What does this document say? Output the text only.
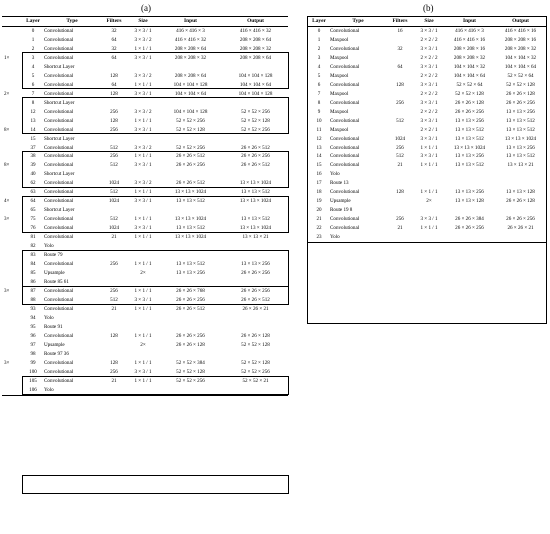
(a)	(b)
	Layer	Type	Filters	Size	Input	Output
	0	Convolutional	32	3 × 3 / 1	416 × 416 × 3	416 × 416 × 32
	1	Convolutional	64	3 × 3 / 2	416 × 416 × 32	208 × 208 × 64
	2	Convolutional	32	1 × 1 / 1	208 × 208 × 64	208 × 208 × 32
1×	3	Convolutional	64	3 × 3 / 1	208 × 208 × 32	208 × 208 × 64
	4	Shortcut Layer				
	5	Convolutional	128	3 × 3 / 2	208 × 208 × 64	104 × 104 × 128
	6	Convolutional	64	1 × 1 / 1	104 × 104 × 128	104 × 104 × 64
2×	7	Convolutional	128	3 × 3 / 1	104 × 104 × 64	104 × 104 × 128
	8	Shortcut Layer				
	12	Convolutional	256	3 × 3 / 2	104 × 104 × 128	52 × 52 × 256
	13	Convolutional	128	1 × 1 / 1	52 × 52 × 256	52 × 52 × 128
8×	14	Convolutional	256	3 × 3 / 1	52 × 52 × 128	52 × 52 × 256
	15	Shortcut Layer				
	37	Convolutional	512	3 × 3 / 2	52 × 52 × 256	26 × 26 × 512
	38	Convolutional	256	1 × 1 / 1	26 × 26 × 512	26 × 26 × 256
8×	39	Convolutional	512	3 × 3 / 1	26 × 26 × 256	26 × 26 × 512
	40	Shortcut Layer				
	62	Convolutional	1024	3 × 3 / 2	26 × 26 × 512	13 × 13 × 1024
	63	Convolutional	512	1 × 1 / 1	13 × 13 × 1024	13 × 13 × 512
4×	64	Convolutional	1024	3 × 3 / 1	13 × 13 × 512	13 × 13 × 1024
	65	Shortcut Layer				
3×	75	Convolutional	512	1 × 1 / 1	13 × 13 × 1024	13 × 13 × 512
	76	Convolutional	1024	3 × 3 / 1	13 × 13 × 512	13 × 13 × 1024
	81	Convolutional	21	1 × 1 / 1	13 × 13 × 1024	13 × 13 × 21
	82	Yolo				
	83	Route 79				
	84	Convolutional	256	1 × 1 / 1	13 × 13 × 512	13 × 13 × 256
	85	Upsample		2×	13 × 13 × 256	26 × 26 × 256
	86	Route 85 61				
3×	87	Convolutional	256	1 × 1 / 1	26 × 26 × 768	26 × 26 × 256
	88	Convolutional	512	3 × 3 / 1	26 × 26 × 256	26 × 26 × 512
	93	Convolutional	21	1 × 1 / 1	26 × 26 × 512	26 × 26 × 21
	94	Yolo				
	95	Route 91				
	96	Convolutional	128	1 × 1 / 1	26 × 26 × 256	26 × 26 × 128
	97	Upsample		2×	26 × 26 × 128	52 × 52 × 128
	98	Route 97 36				
3×	99	Convolutional	128	1 × 1 / 1	52 × 52 × 384	52 × 52 × 128
	100	Convolutional	256	3 × 3 / 1	52 × 52 × 128	52 × 52 × 256
	105	Convolutional	21	1 × 1 / 1	52 × 52 × 256	52 × 52 × 21
	106	Yolo				
Layer	Type	Filters	Size	Input	Output
0	Convolutional	16	3 × 3 / 1	416 × 416 × 3	416 × 416 × 16
1	Maxpool		2 × 2 / 2	416 × 416 × 16	208 × 208 × 16
2	Convolutional	32	3 × 3 / 1	208 × 208 × 16	208 × 208 × 32
3	Maxpool		2 × 2 / 2	208 × 208 × 32	104 × 104 × 32
4	Convolutional	64	3 × 3 / 1	104 × 104 × 32	104 × 104 × 64
5	Maxpool		2 × 2 / 2	104 × 104 × 64	52 × 52 × 64
6	Convolutional	128	3 × 3 / 1	52 × 52 × 64	52 × 52 × 128
7	Maxpool		2 × 2 / 2	52 × 52 × 128	26 × 26 × 128
8	Convolutional	256	3 × 3 / 1	26 × 26 × 128	26 × 26 × 256
9	Maxpool		2 × 2 / 2	26 × 26 × 256	13 × 13 × 256
10	Convolutional	512	3 × 3 / 1	13 × 13 × 256	13 × 13 × 512
11	Maxpool		2 × 2 / 1	13 × 13 × 512	13 × 13 × 512
12	Convolutional	1024	3 × 3 / 1	13 × 13 × 512	13 × 13 × 1024
13	Convolutional	256	1 × 1 / 1	13 × 13 × 1024	13 × 13 × 256
14	Convolutional	512	3 × 3 / 1	13 × 13 × 256	13 × 13 × 512
15	Convolutional	21	1 × 1 / 1	13 × 13 × 512	13 × 13 × 21
16	Yolo				
17	Route 13				
18	Convolutional	128	1 × 1 / 1	13 × 13 × 256	13 × 13 × 128
19	Upsample		2×	13 × 13 × 128	26 × 26 × 128
20	Route 19 8				
21	Convolutional	256	3 × 3 / 1	26 × 26 × 384	26 × 26 × 256
22	Convolutional	21	1 × 1 / 1	26 × 26 × 256	26 × 26 × 21
23	Yolo				
